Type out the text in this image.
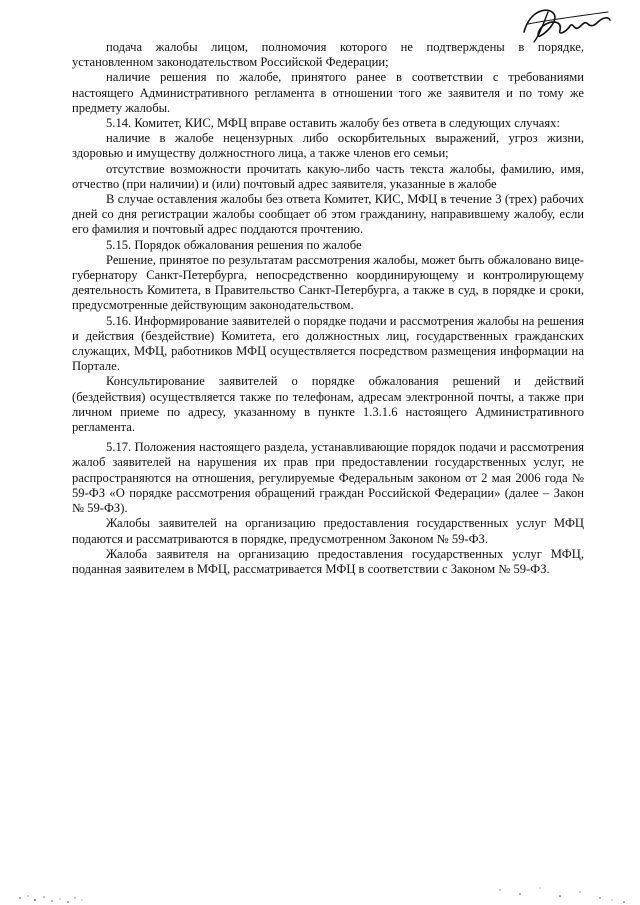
подача жалобы лицом, полномочия которого не подтверждены в порядке, установленном законодательством Российской Федерации;

наличие решения по жалобе, принятого ранее в соответствии с требованиями настоящего Административного регламента в отношении того же заявителя и по тому же предмету жалобы.

5.14. Комитет, КИС, МФЦ вправе оставить жалобу без ответа в следующих случаях:

наличие в жалобе нецензурных либо оскорбительных выражений, угроз жизни, здоровью и имуществу должностного лица, а также членов его семьи;

отсутствие возможности прочитать какую-либо часть текста жалобы, фамилию, имя, отчество (при наличии) и (или) почтовый адрес заявителя, указанные в жалобе

В случае оставления жалобы без ответа Комитет, КИС, МФЦ в течение 3 (трех) рабочих дней со дня регистрации жалобы сообщает об этом гражданину, направившему жалобу, если его фамилия и почтовый адрес поддаются прочтению.

5.15. Порядок обжалования решения по жалобе

Решение, принятое по результатам рассмотрения жалобы, может быть обжаловано вице-губернатору Санкт-Петербурга, непосредственно координирующему и контролирующему деятельность Комитета, в Правительство Санкт-Петербурга, а также в суд, в порядке и сроки, предусмотренные действующим законодательством.

5.16. Информирование заявителей о порядке подачи и рассмотрения жалобы на решения и действия (бездействие) Комитета, его должностных лиц, государственных гражданских служащих, МФЦ, работников МФЦ осуществляется посредством размещения информации на Портале.

Консультирование заявителей о порядке обжалования решений и действий (бездействия) осуществляется также по телефонам, адресам электронной почты, а также при личном приеме по адресу, указанному в пункте 1.3.1.6 настоящего Административного регламента.

5.17. Положения настоящего раздела, устанавливающие порядок подачи и рассмотрения жалоб заявителей на нарушения их прав при предоставлении государственных услуг, не распространяются на отношения, регулируемые Федеральным законом от 2 мая 2006 года № 59-ФЗ «О порядке рассмотрения обращений граждан Российской Федерации» (далее – Закон № 59-ФЗ).

Жалобы заявителей на организацию предоставления государственных услуг МФЦ подаются и рассматриваются в порядке, предусмотренном Законом № 59-ФЗ.

Жалоба заявителя на организацию предоставления государственных услуг МФЦ, поданная заявителем в МФЦ, рассматривается МФЦ в соответствии с Законом № 59-ФЗ.
